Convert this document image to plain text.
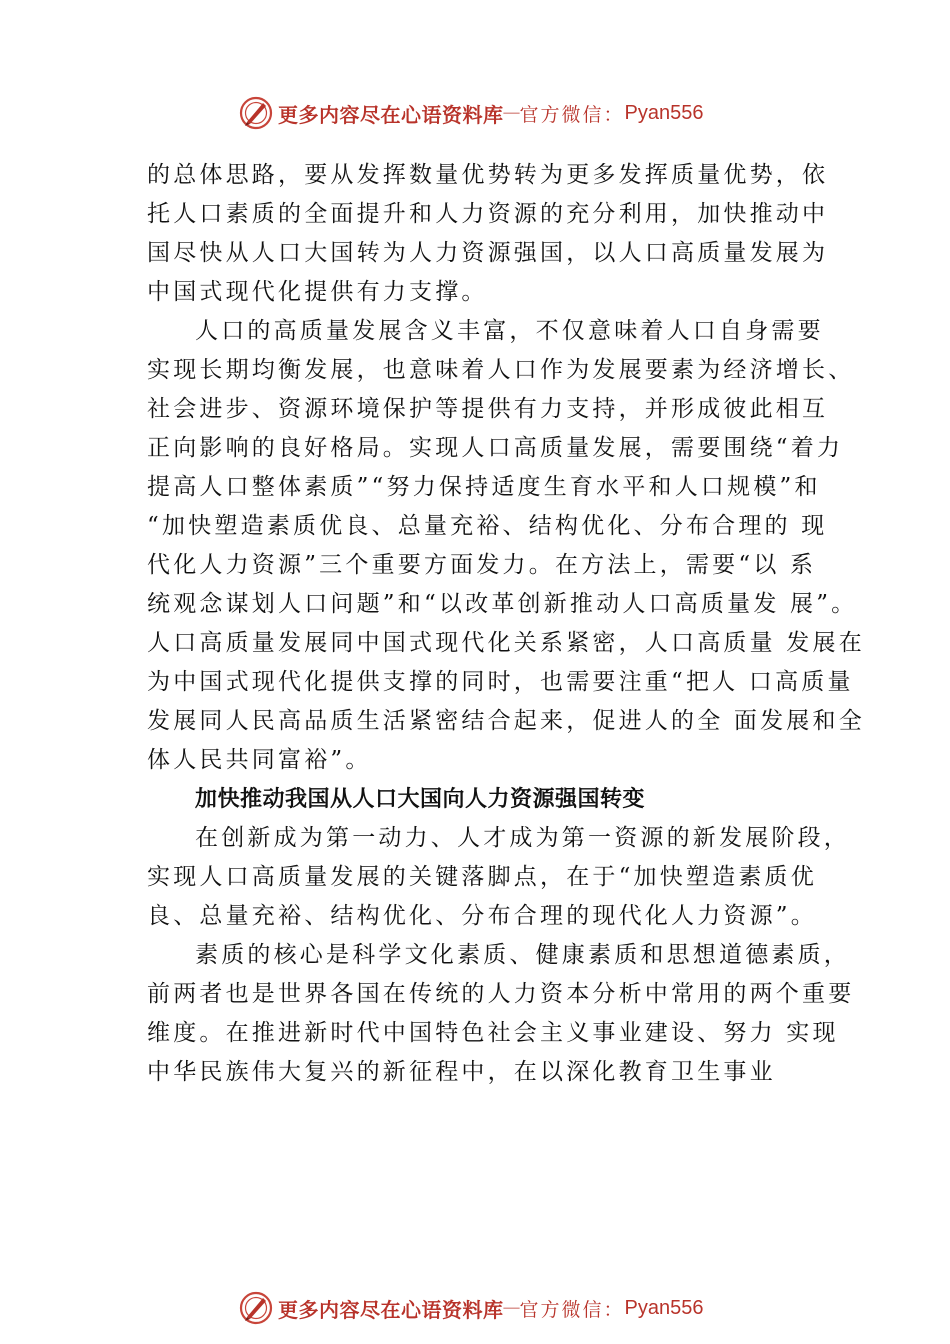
更多内容尽在心语资料库 — 官方微信： Pyan556
的总体思路，要从发挥数量优势转为更多发挥质量优势，依
托人口素质的全面提升和人力资源的充分利用，加快推动中
国尽快从人口大国转为人力资源强国，以人口高质量发展为
中国式现代化提供有力支撑。
人口的高质量发展含义丰富，不仅意味着人口自身需要
实现长期均衡发展，也意味着人口作为发展要素为经济增长、
社会进步、资源环境保护等提供有力支持，并形成彼此相互
正向影响的良好格局。实现人口高质量发展，需要围绕“着力
提高人口整体素质”“努力保持适度生育水平和人口规模”和
“加快塑造素质优良、总量充裕、结构优化、分布合理的 现
代化人力资源”三个重要方面发力。在方法上，需要“以 系
统观念谋划人口问题”和“以改革创新推动人口高质量发 展”。
人口高质量发展同中国式现代化关系紧密，人口高质量 发展在
为中国式现代化提供支撑的同时，也需要注重“把人 口高质量
发展同人民高品质生活紧密结合起来，促进人的全 面发展和全
体人民共同富裕”。
加快推动我国从人口大国向人力资源强国转变
在创新成为第一动力、人才成为第一资源的新发展阶段，
实现人口高质量发展的关键落脚点，在于“加快塑造素质优
良、总量充裕、结构优化、分布合理的现代化人力资源”。
素质的核心是科学文化素质、健康素质和思想道德素质，
前两者也是世界各国在传统的人力资本分析中常用的两个重要
维度。在推进新时代中国特色社会主义事业建设、努力 实现
中华民族伟大复兴的新征程中，在以深化教育卫生事业
更多内容尽在心语资料库 — 官方微信： Pyan556
